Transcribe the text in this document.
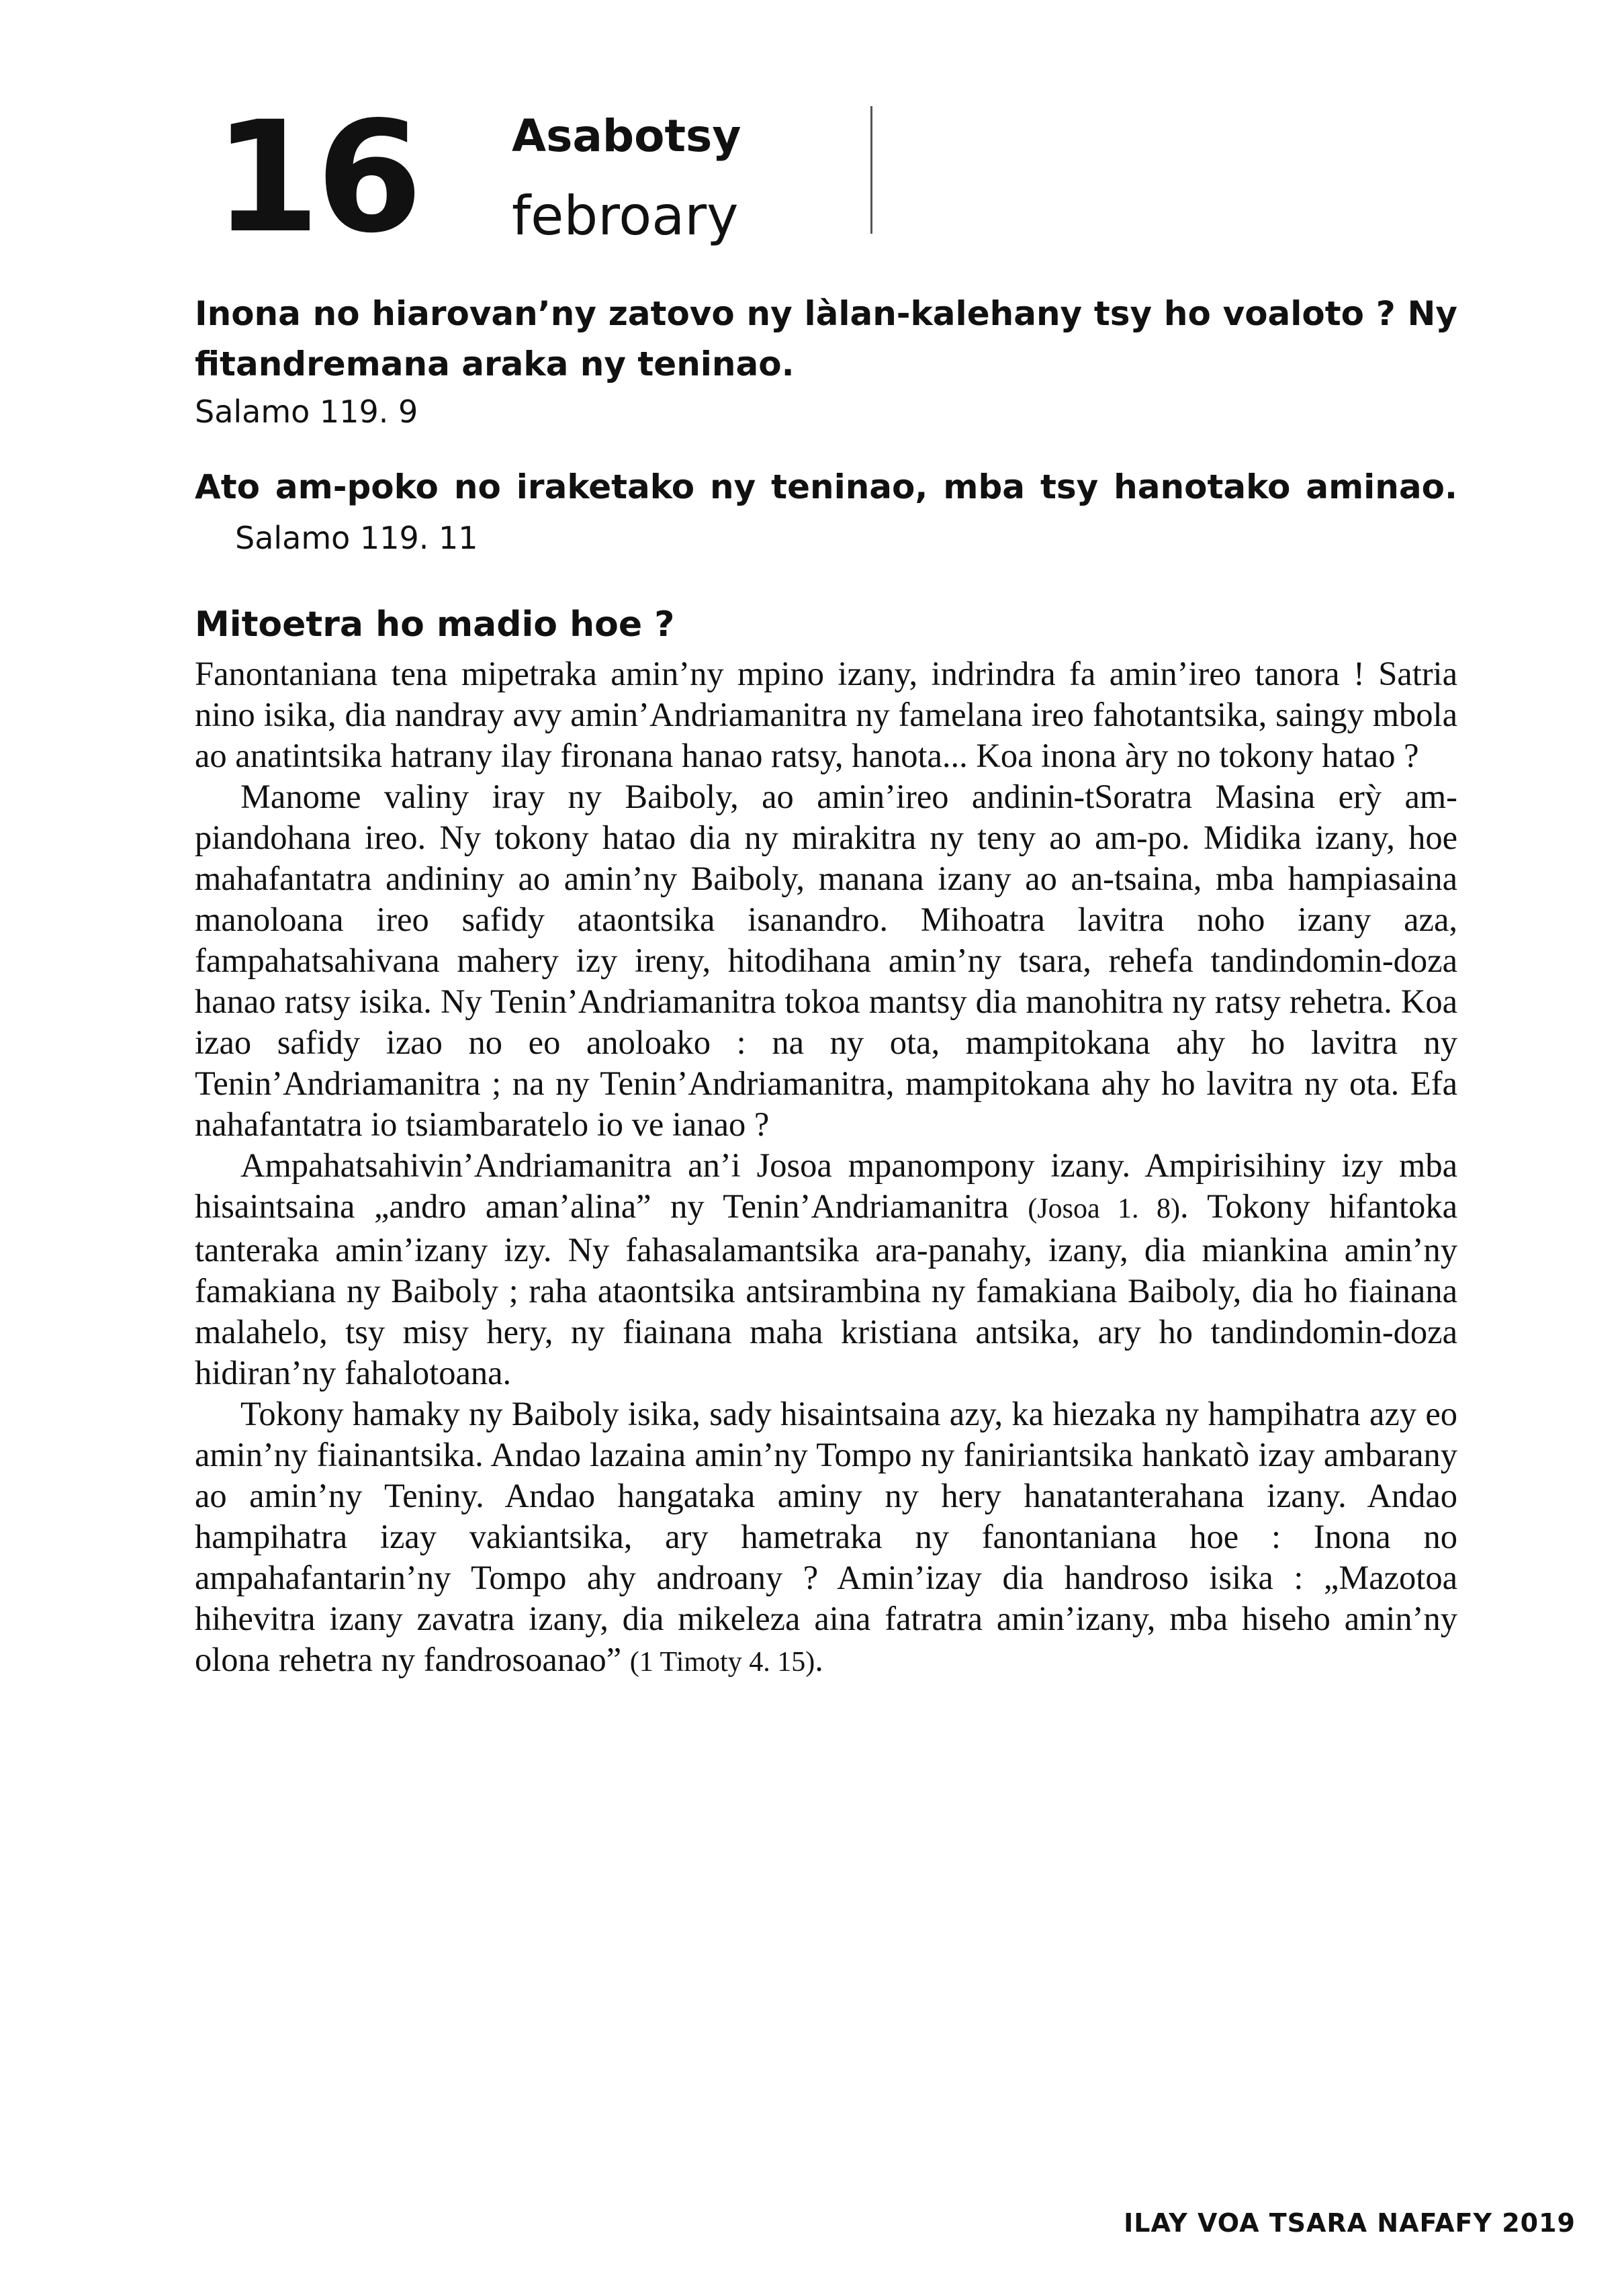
16 Asabotsy
febroary

Inona no hiarovan’ny zatovo ny làlan-kalehany tsy ho voaloto ? Ny fitandremana araka ny teninao.

Salamo 119. 9

Ato am-poko no iraketako ny teninao, mba tsy hanotako aminao. Salamo 119. 11

Mitoetra ho madio hoe ?

Fanontaniana tena mipetraka amin’ny mpino izany, indrindra fa amin’ireo tanora ! Satria nino isika, dia nandray avy amin’Andriamanitra ny famelana ireo fahotantsika, saingy mbola ao anatintsika hatrany ilay fironana hanao ratsy, hanota... Koa inona àry no tokony hatao ?

Manome valiny iray ny Baiboly, ao amin’ireo andinin-tSoratra Masina erỳ am-piandohana ireo. Ny tokony hatao dia ny mirakitra ny teny ao am-po. Midika izany, hoe mahafantatra andininy ao amin’ny Baiboly, manana izany ao an-tsaina, mba hampiasaina manoloana ireo safidy ataontsika isanandro. Mihoatra lavitra noho izany aza, fampahatsahivana mahery izy ireny, hitodihana amin’ny tsara, rehefa tandindomin-doza hanao ratsy isika. Ny Tenin’Andriamanitra tokoa mantsy dia manohitra ny ratsy rehetra. Koa izao safidy izao no eo anoloako : na ny ota, mampitokana ahy ho lavitra ny Tenin’Andriamanitra ; na ny Tenin’Andriamanitra, mampitokana ahy ho lavitra ny ota. Efa nahafantatra io tsiambaratelo io ve ianao ?

Ampahatsahivin’Andriamanitra an’i Josoa mpanompony izany. Ampirisihiny izy mba hisaintsaina „andro aman’alina” ny Tenin’Andriamanitra (Josoa 1. 8). Tokony hifantoka tanteraka amin’izany izy. Ny fahasalamantsika ara-panahy, izany, dia miankina amin’ny famakiana ny Baiboly ; raha ataontsika antsirambina ny famakiana Baiboly, dia ho fiainana malahelo, tsy misy hery, ny fiainana maha kristiana antsika, ary ho tandindomin-doza hidiran’ny fahalotoana.

Tokony hamaky ny Baiboly isika, sady hisaintsaina azy, ka hiezaka ny hampihatra azy eo amin’ny fiainantsika. Andao lazaina amin’ny Tompo ny faniriantsika hankatò izay ambarany ao amin’ny Teniny. Andao hangataka aminy ny hery hanatanterahana izany. Andao hampihatra izay vakiantsika, ary hametraka ny fanontaniana hoe : Inona no ampahafantarin’ny Tompo ahy androany ? Amin’izay dia handroso isika : „Mazotoa hihevitra izany zavatra izany, dia mikeleza aina fatratra amin’izany, mba hiseho amin’ny olona rehetra ny fandrosoanao” (1 Timoty 4. 15).

ILAY VOA TSARA NAFAFY 2019
